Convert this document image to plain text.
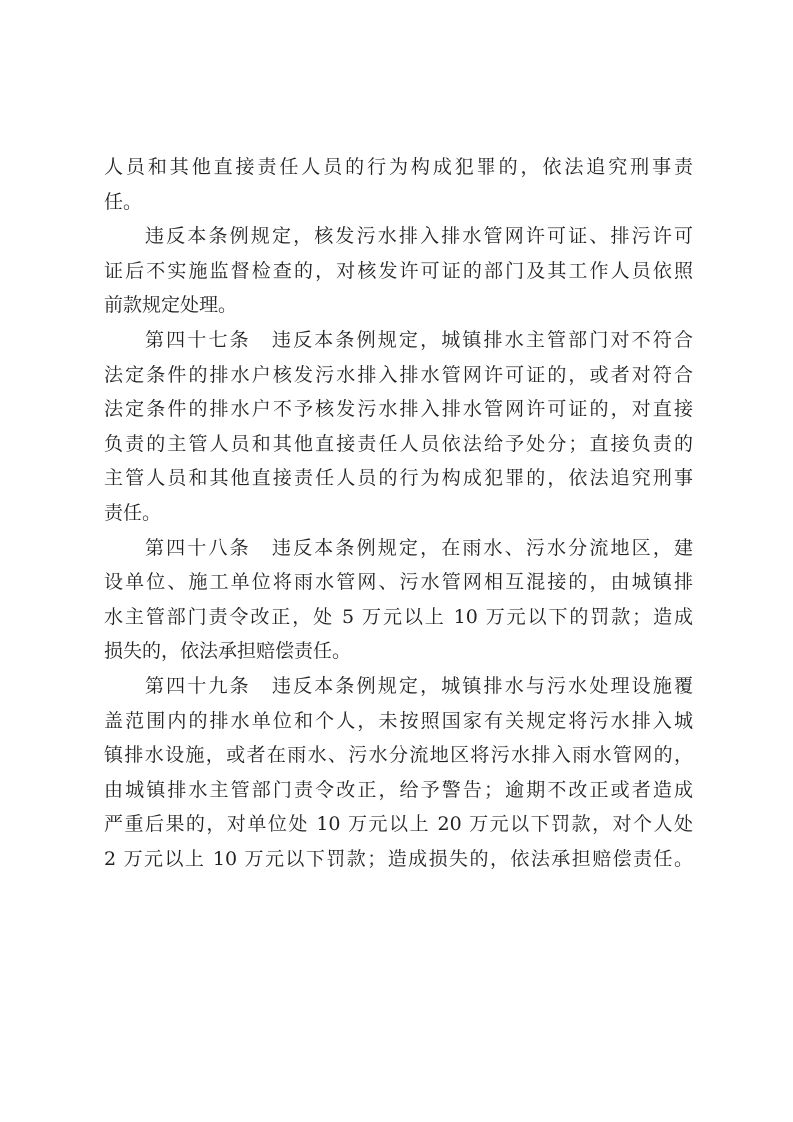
人员和其他直接责任人员的行为构成犯罪的，依法追究刑事责
任。
违反本条例规定，核发污水排入排水管网许可证、排污许可
证后不实施监督检查的，对核发许可证的部门及其工作人员依照
前款规定处理。
第四十七条 违反本条例规定，城镇排水主管部门对不符合
法定条件的排水户核发污水排入排水管网许可证的，或者对符合
法定条件的排水户不予核发污水排入排水管网许可证的，对直接
负责的主管人员和其他直接责任人员依法给予处分；直接负责的
主管人员和其他直接责任人员的行为构成犯罪的，依法追究刑事
责任。
第四十八条 违反本条例规定，在雨水、污水分流地区，建
设单位、施工单位将雨水管网、污水管网相互混接的，由城镇排
水主管部门责令改正，处 5 万元以上 10 万元以下的罚款；造成
损失的，依法承担赔偿责任。
第四十九条 违反本条例规定，城镇排水与污水处理设施覆
盖范围内的排水单位和个人，未按照国家有关规定将污水排入城
镇排水设施，或者在雨水、污水分流地区将污水排入雨水管网的，
由城镇排水主管部门责令改正，给予警告；逾期不改正或者造成
严重后果的，对单位处 10 万元以上 20 万元以下罚款，对个人处
2 万元以上 10 万元以下罚款；造成损失的，依法承担赔偿责任。
